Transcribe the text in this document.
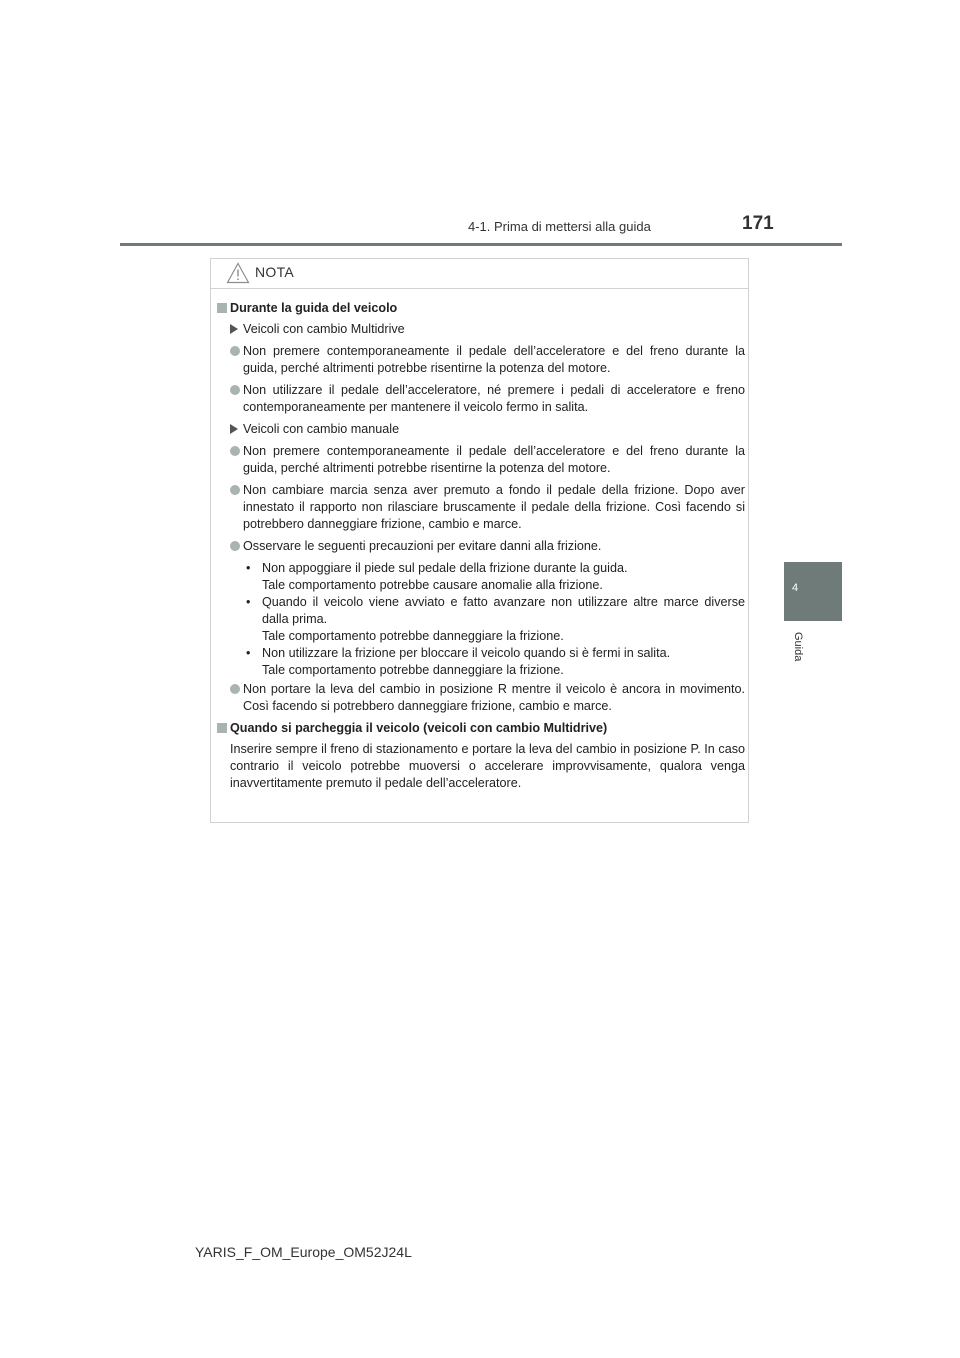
4-1. Prima di mettersi alla guida	171
4
Guida
NOTA
Durante la guida del veicolo
Veicoli con cambio Multidrive
Non premere contemporaneamente il pedale dell’acceleratore e del freno durante la guida, perché altrimenti potrebbe risentirne la potenza del motore.
Non utilizzare il pedale dell’acceleratore, né premere i pedali di acceleratore e freno contemporaneamente per mantenere il veicolo fermo in salita.
Veicoli con cambio manuale
Non premere contemporaneamente il pedale dell’acceleratore e del freno durante la guida, perché altrimenti potrebbe risentirne la potenza del motore.
Non cambiare marcia senza aver premuto a fondo il pedale della frizione. Dopo aver innestato il rapporto non rilasciare bruscamente il pedale della frizione. Così facendo si potrebbero danneggiare frizione, cambio e marce.
Osservare le seguenti precauzioni per evitare danni alla frizione.
• Non appoggiare il piede sul pedale della frizione durante la guida.
Tale comportamento potrebbe causare anomalie alla frizione.
• Quando il veicolo viene avviato e fatto avanzare non utilizzare altre marce diverse dalla prima.
Tale comportamento potrebbe danneggiare la frizione.
• Non utilizzare la frizione per bloccare il veicolo quando si è fermi in salita.
Tale comportamento potrebbe danneggiare la frizione.
Non portare la leva del cambio in posizione R mentre il veicolo è ancora in movimento. Così facendo si potrebbero danneggiare frizione, cambio e marce.
Quando si parcheggia il veicolo (veicoli con cambio Multidrive)
Inserire sempre il freno di stazionamento e portare la leva del cambio in posizione P. In caso contrario il veicolo potrebbe muoversi o accelerare improvvisamente, qualora venga inavvertitamente premuto il pedale dell’acceleratore.
YARIS_F_OM_Europe_OM52J24L
